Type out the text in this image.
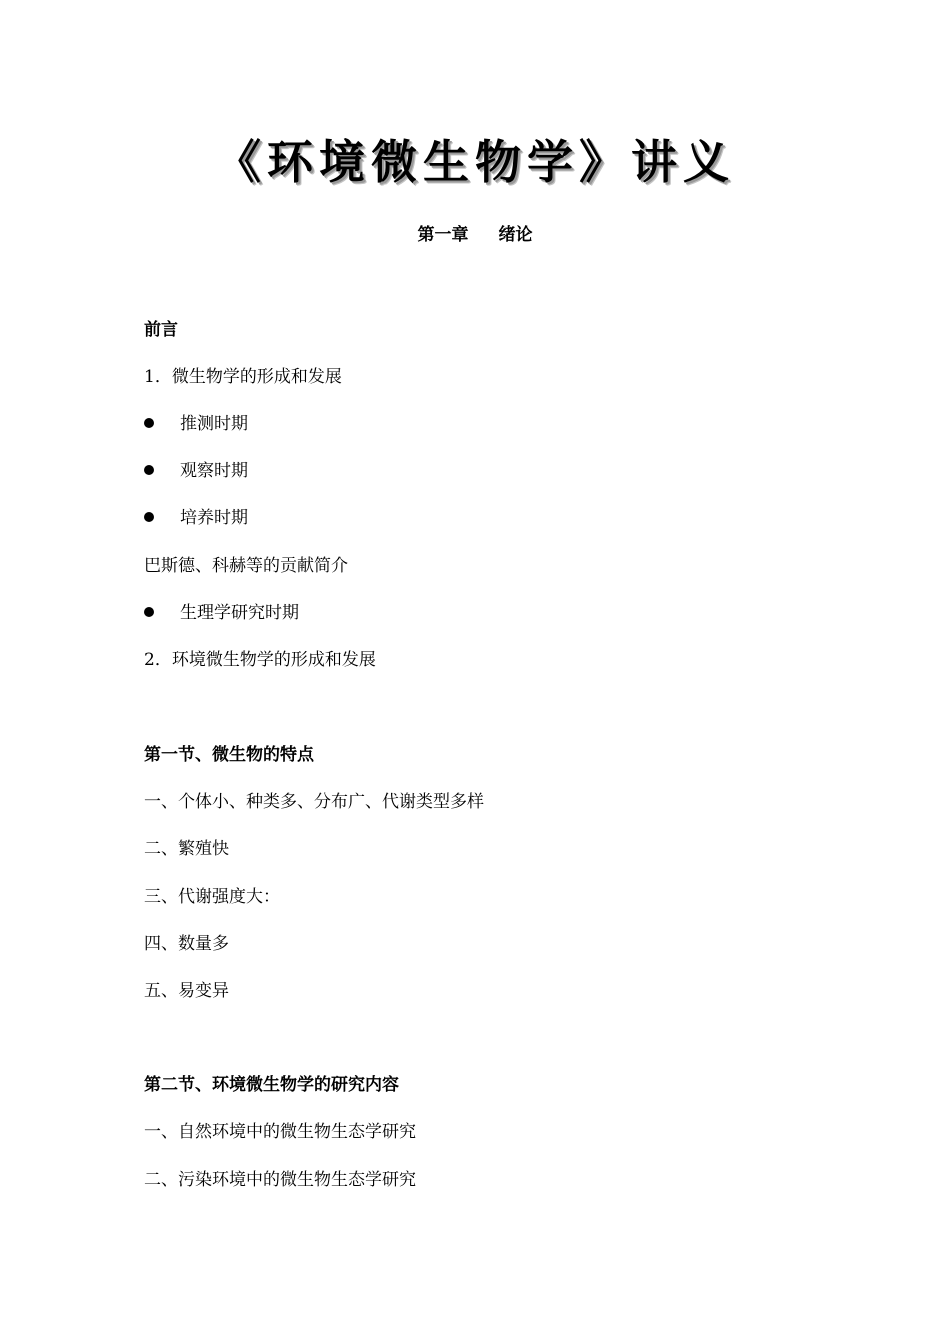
《环境微生物学》讲义
第一章 绪论
前言
1．微生物学的形成和发展
推测时期
观察时期
培养时期
巴斯德、科赫等的贡献简介
生理学研究时期
2．环境微生物学的形成和发展
第一节、微生物的特点
一、个体小、种类多、分布广、代谢类型多样
二、繁殖快
三、代谢强度大：
四、数量多
五、易变异
第二节、环境微生物学的研究内容
一、自然环境中的微生物生态学研究
二、污染环境中的微生物生态学研究
